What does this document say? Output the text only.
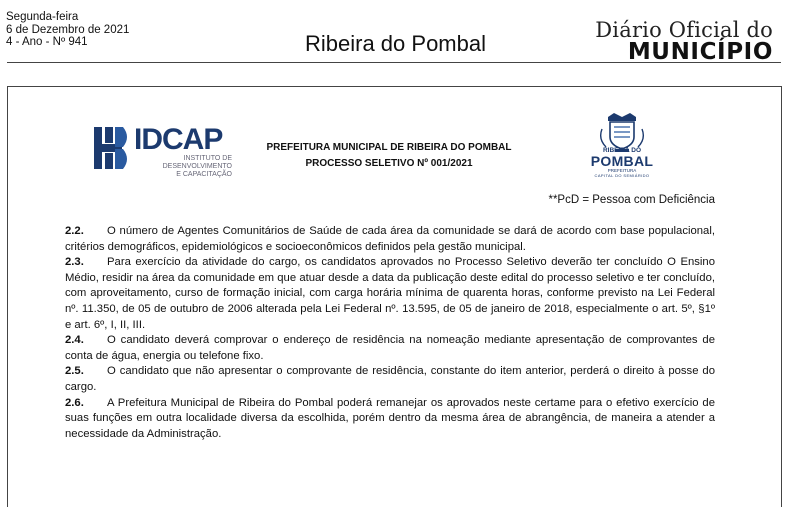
Segunda-feira
6 de Dezembro de 2021
4 - Ano - Nº 941	Ribeira do Pombal
Diário Oficial do
MUNICÍPIO
IDCAP
INSTITUTO DE DESENVOLVIMENTO
E CAPACITAÇÃO
PREFEITURA MUNICIPAL DE RIBEIRA DO POMBAL
PROCESSO SELETIVO Nº 001/2021
RIBEIRA DO
POMBAL
PREFEITURA
CAPITAL DO SEMIÁRIDO
**PcD = Pessoa com Deficiência

2.2. O número de Agentes Comunitários de Saúde de cada área da comunidade se dará de acordo com base populacional, critérios demográficos, epidemiológicos e socioeconômicos definidos pela gestão municipal.

2.3. Para exercício da atividade do cargo, os candidatos aprovados no Processo Seletivo deverão ter concluído O Ensino Médio, residir na área da comunidade em que atuar desde a data da publicação deste edital do processo seletivo e ter concluído, com aproveitamento, curso de formação inicial, com carga horária mínima de quarenta horas, conforme previsto na Lei Federal nº. 11.350, de 05 de outubro de 2006 alterada pela Lei Federal nº. 13.595, de 05 de janeiro de 2018, especialmente o art. 5º, §1º e art. 6º, I, II, III.

2.4. O candidato deverá comprovar o endereço de residência na nomeação mediante apresentação de comprovantes de conta de água, energia ou telefone fixo.

2.5. O candidato que não apresentar o comprovante de residência, constante do item anterior, perderá o direito à posse do cargo.

2.6. A Prefeitura Municipal de Ribeira do Pombal poderá remanejar os aprovados neste certame para o efetivo exercício de suas funções em outra localidade diversa da escolhida, porém dentro da mesma área de abrangência, de maneira a atender a necessidade da Administração.
